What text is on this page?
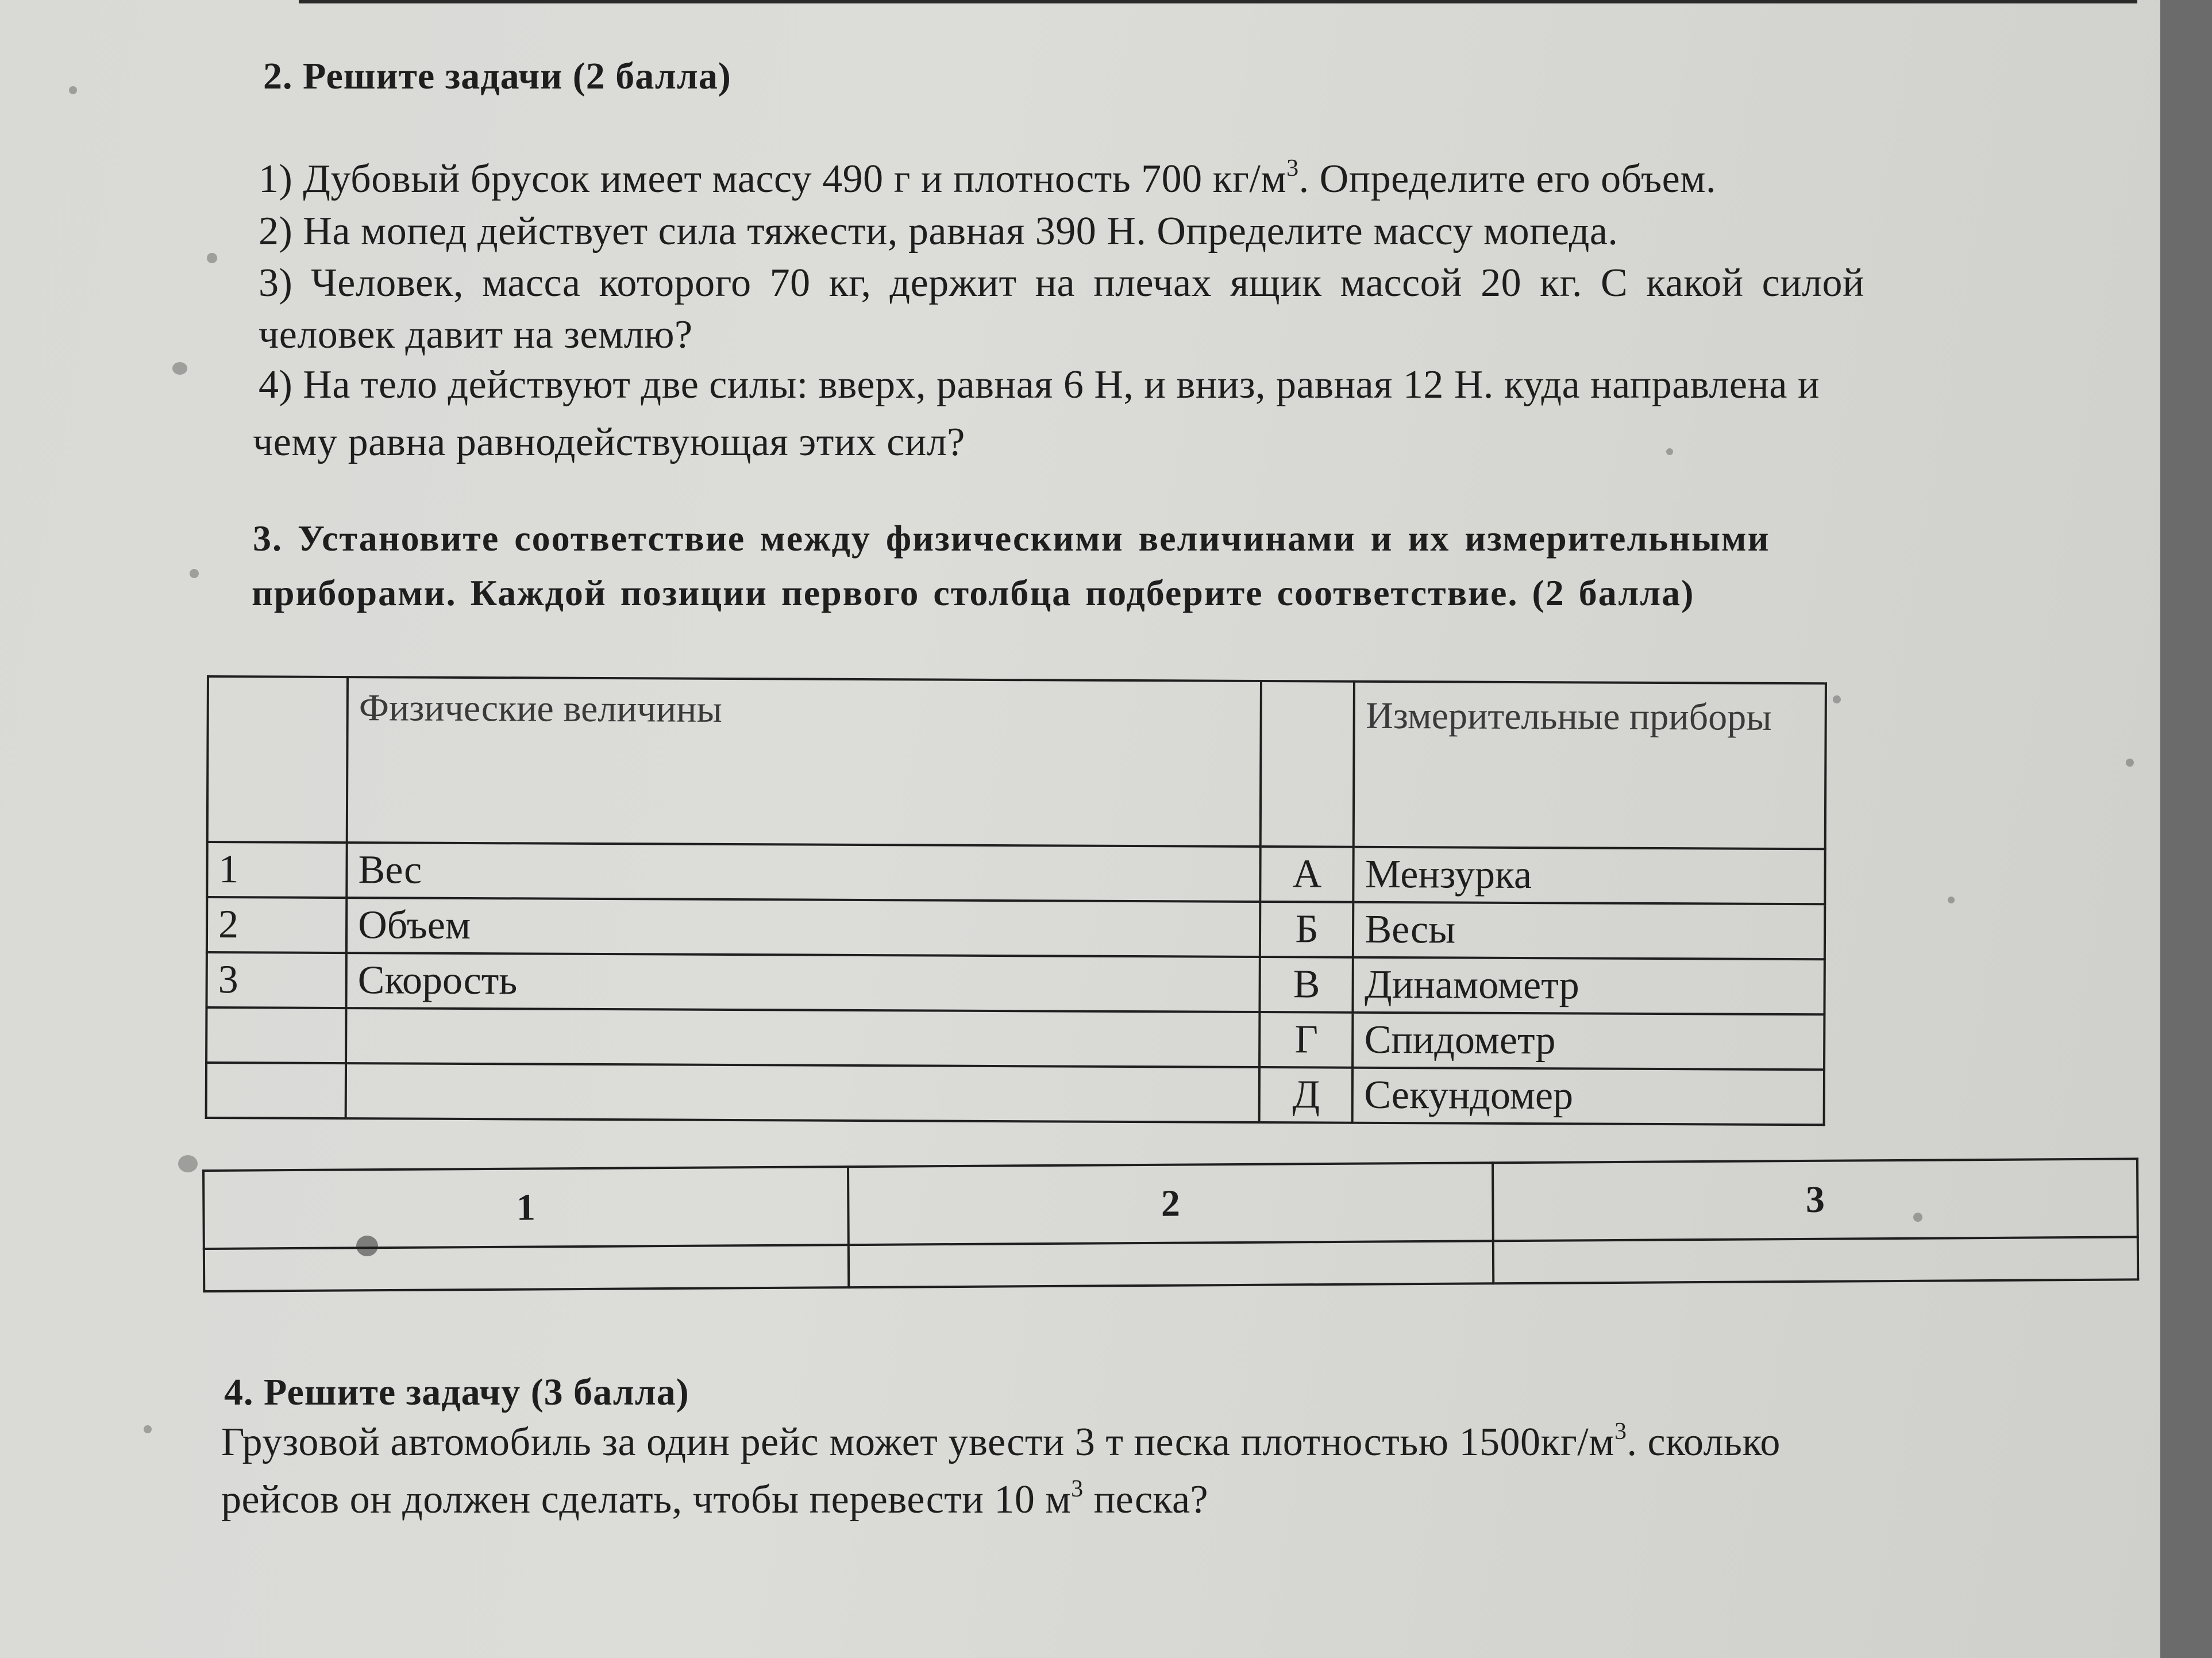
2. Решите задачи (2 балла)
1) Дубовый брусок имеет массу 490 г и плотность 700 $кг/м^3$. Определите его объем.
2) На мопед действует сила тяжести, равная 390 Н. Определите массу мопеда.
3) Человек, масса которого 70 кг, держит на плечах ящик массой 20 кг. С какой силой
человек давит на землю?
4) На тело действуют две силы: вверх, равная 6 Н, и вниз, равная 12 Н. куда направлена и
чему равна равнодействующая этих сил?
3. Установите соответствие между физическими величинами и их измерительными
приборами. Каждой позиции первого столбца подберите соответствие. (2 балла)
	Физические величины		Измерительные приборы

1	Вес	А	Мензурка
2	Объем	Б	Весы
3	Скорость	В	Динамометр
		Г	Спидометр
		Д	Секундомер
1	2	3

4. Решите задачу (3 балла)
Грузовой автомобиль за один рейс может увести 3 т песка плотностью $1500кг/м^3$. сколько
рейсов он должен сделать, чтобы перевести 10 $м^3$ песка?
